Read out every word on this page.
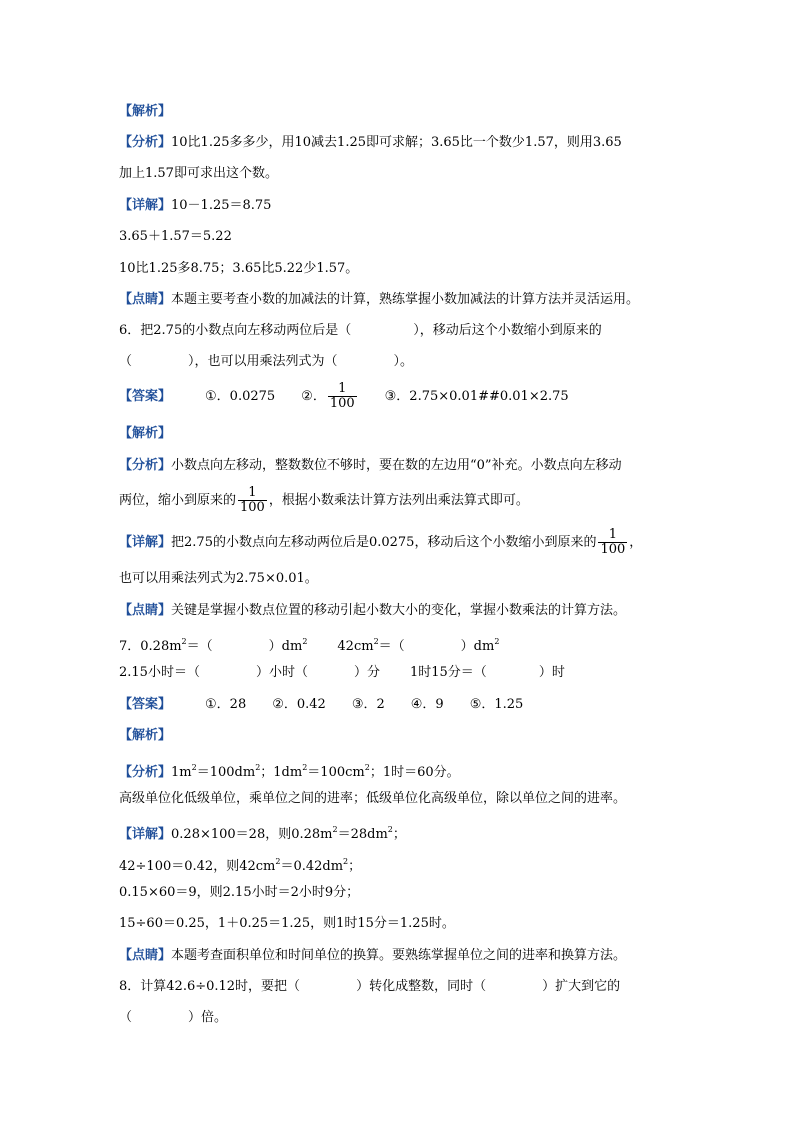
【解析】
【分析】10比1.25多多少，用10减去1.25即可求解；3.65比一个数少1.57，则用3.65
加上1.57即可求出这个数。
【详解】10－1.25＝8.75
3.65＋1.57＝5.22
10比1.25多8.75；3.65比5.22少1.57。
【点睛】本题主要考查小数的加减法的计算，熟练掌握小数加减法的计算方法并灵活运用。
6．把2.75的小数点向左移动两位后是（	），移动后这个小数缩小到原来的
（	），也可以用乘法列式为（	）。
【答案】	①．0.0275 ②． $\frac{1}{100}$ ③．2.75×0.01##0.01×2.75
【解析】
【分析】小数点向左移动，整数数位不够时，要在数的左边用“0”补充。小数点向左移动
两位，缩小到原来的 $\frac{1}{100}$ ，根据小数乘法计算方法列出乘法算式即可。
【详解】把2.75的小数点向左移动两位后是0.0275，移动后这个小数缩小到原来的 $\frac{1}{100}$ ，
也可以用乘法列式为2.75×0.01。
【点睛】关键是掌握小数点位置的移动引起小数大小的变化，掌握小数乘法的计算方法。
7．$0.28m^2=$（	）$dm^2$ $42cm^2=$（	）$dm^2$
2.15小时＝（	）小时（	）分 1时15分＝（	）时
【答案】	①．28 ②．0.42 ③．2 ④．9 ⑤．1.25
【解析】
【分析】$1m^2=100dm^2$；$1dm^2=100cm^2$；1时＝60分。
高级单位化低级单位，乘单位之间的进率；低级单位化高级单位，除以单位之间的进率。
【详解】0.28×100＝28，则$0.28m^2=28dm^2$；
42÷100＝0.42，则$42cm^2=0.42dm^2$；
0.15×60＝9，则2.15小时＝2小时9分；
15÷60＝0.25，1＋0.25＝1.25，则1时15分＝1.25时。
【点睛】本题考查面积单位和时间单位的换算。要熟练掌握单位之间的进率和换算方法。
8．计算42.6÷0.12时，要把（	）转化成整数，同时（	）扩大到它的
（	）倍。
